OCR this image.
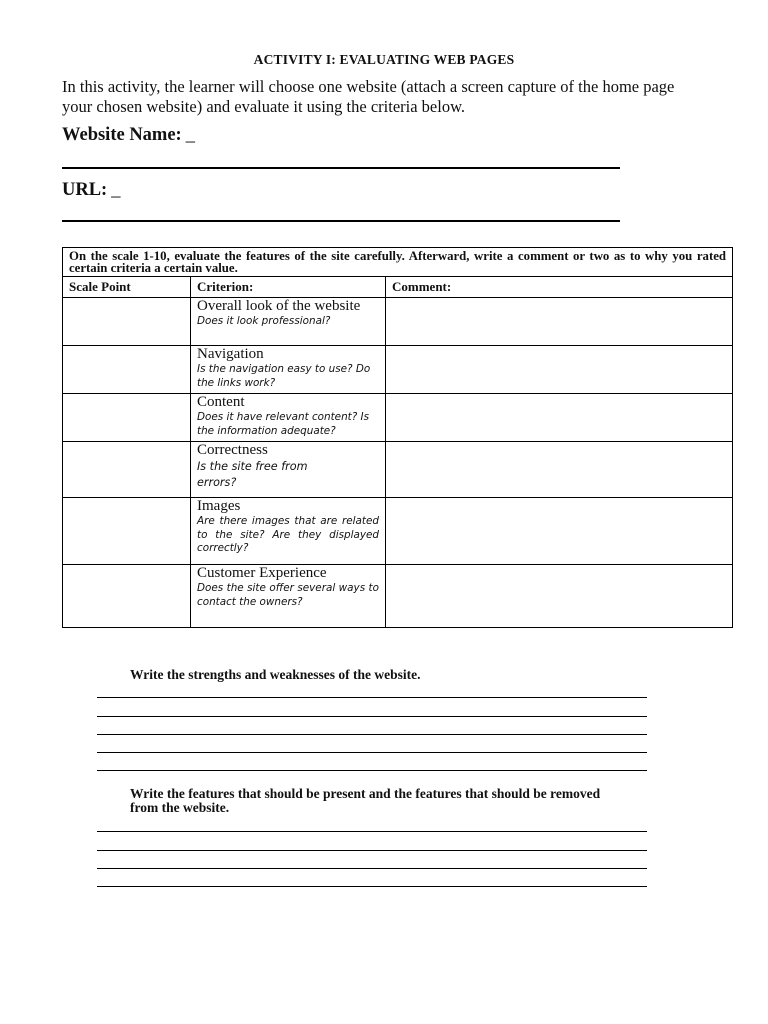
ACTIVITY I: EVALUATING WEB PAGES
In this activity, the learner will choose one website (attach a screen capture of the home page your chosen website) and evaluate it using the criteria below.
Website Name: _
URL: _
On the scale 1-10, evaluate the features of the site carefully. Afterward, write a comment or two as to why you rated certain criteria a certain value.		
Scale Point	Criterion:	Comment:

	Overall look of the website
Does it look professional?	

	Navigation
Is the navigation easy to use? Do the links work?	

	Content
Does it have relevant content? Is the information adequate?	

	Correctness
Is the site free from errors?	

	Images
Are there images that are related to the site? Are they displayed correctly?	

	Customer Experience
Does the site offer several ways to contact the owners?	

Write the strengths and weaknesses of the website.
Write the features that should be present and the features that should be removed from the website.
